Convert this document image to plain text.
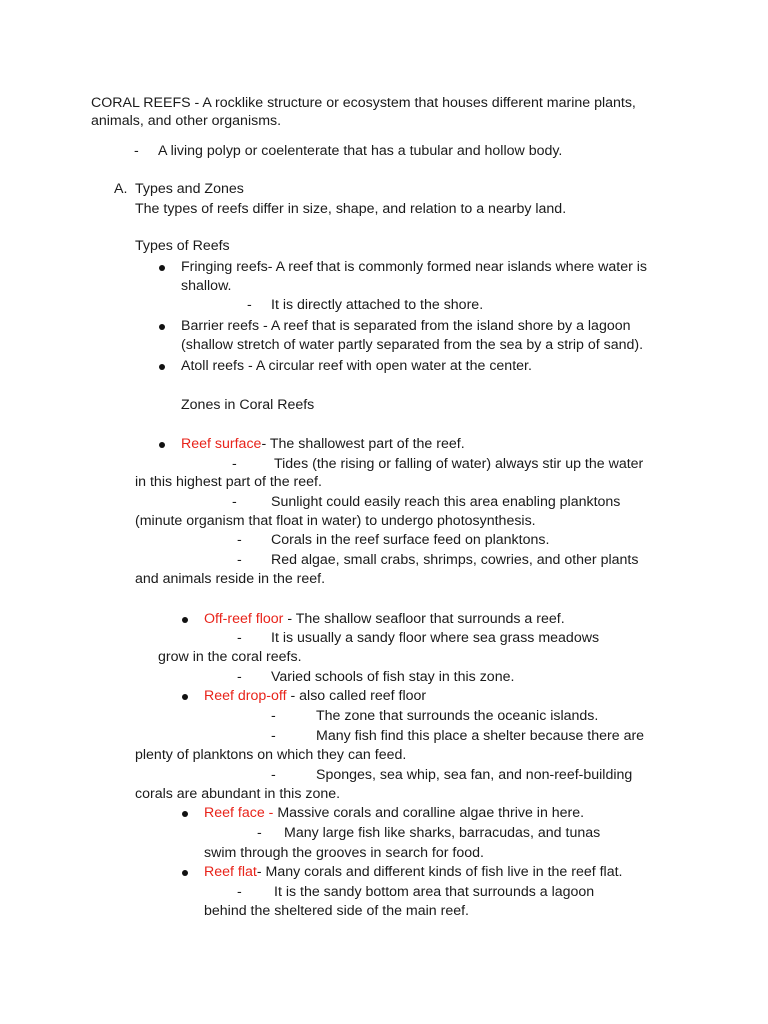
CORAL REEFS - A rocklike structure or ecosystem that houses different marine plants,
animals, and other organisms.
- A living polyp or coelenterate that has a tubular and hollow body.
A. Types and Zones
The types of reefs differ in size, shape, and relation to a nearby land.
Types of Reefs
Fringing reefs- A reef that is commonly formed near islands where water is
shallow.
- It is directly attached to the shore.
Barrier reefs - A reef that is separated from the island shore by a lagoon
(shallow stretch of water partly separated from the sea by a strip of sand).
Atoll reefs - A circular reef with open water at the center.
Zones in Coral Reefs
Reef surface- The shallowest part of the reef.
-	Tides (the rising or falling of water) always stir up the water
in this highest part of the reef.
- Sunlight could easily reach this area enabling planktons
(minute organism that float in water) to undergo photosynthesis.
- Corals in the reef surface feed on planktons.
- Red algae, small crabs, shrimps, cowries, and other plants
and animals reside in the reef.
Off-reef floor - The shallow seafloor that surrounds a reef.
- It is usually a sandy floor where sea grass meadows
grow in the coral reefs.
- Varied schools of fish stay in this zone.
Reef drop-off - also called reef floor
-	The zone that surrounds the oceanic islands.
-	Many fish find this place a shelter because there are
plenty of planktons on which they can feed.
-	Sponges, sea whip, sea fan, and non-reef-building
corals are abundant in this zone.
Reef face - Massive corals and coralline algae thrive in here.
- Many large fish like sharks, barracudas, and tunas
swim through the grooves in search for food.
Reef flat- Many corals and different kinds of fish live in the reef flat.
- It is the sandy bottom area that surrounds a lagoon
behind the sheltered side of the main reef.
